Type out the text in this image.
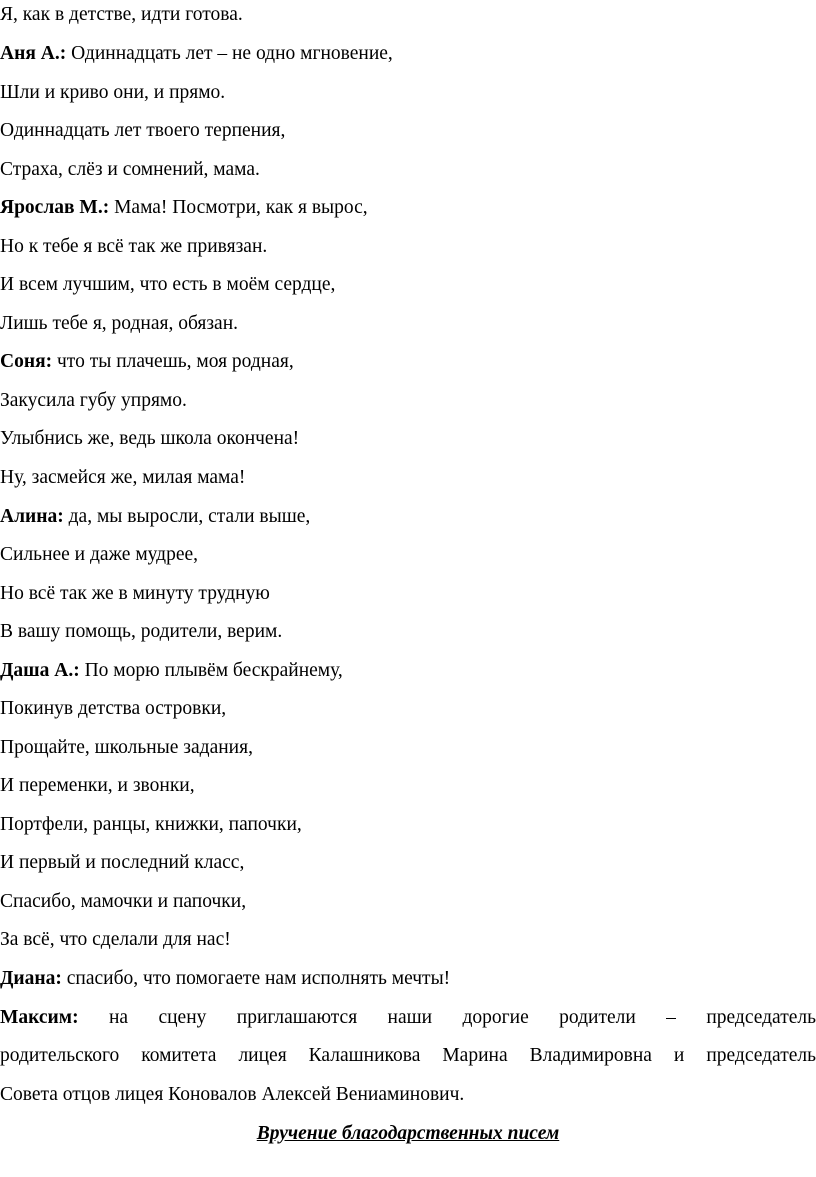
Я, как в детстве, идти готова.
Аня А.: Одиннадцать лет – не одно мгновение,
Шли и криво они, и прямо.
Одиннадцать лет твоего терпения,
Страха, слёз и сомнений, мама.
Ярослав М.: Мама! Посмотри, как я вырос,
Но к тебе я всё так же привязан.
И всем лучшим, что есть в моём сердце,
Лишь тебе я, родная, обязан.
Соня: что ты плачешь, моя родная,
Закусила губу упрямо.
Улыбнись же, ведь школа окончена!
Ну, засмейся же, милая мама!
Алина: да, мы выросли, стали выше,
Сильнее и даже мудрее,
Но всё так же в минуту трудную
В вашу помощь, родители, верим.
Даша А.: По морю плывём бескрайнему,
Покинув детства островки,
Прощайте, школьные задания,
И переменки, и звонки,
Портфели, ранцы, книжки, папочки,
И первый и последний класс,
Спасибо, мамочки и папочки,
За всё, что сделали для нас!
Диана: спасибо, что помогаете нам исполнять мечты!
Максим: на сцену приглашаются наши дорогие родители – председатель
родительского комитета лицея Калашникова Марина Владимировна и председатель
Совета отцов лицея Коновалов Алексей Вениаминович.
Вручение благодарственных писем
